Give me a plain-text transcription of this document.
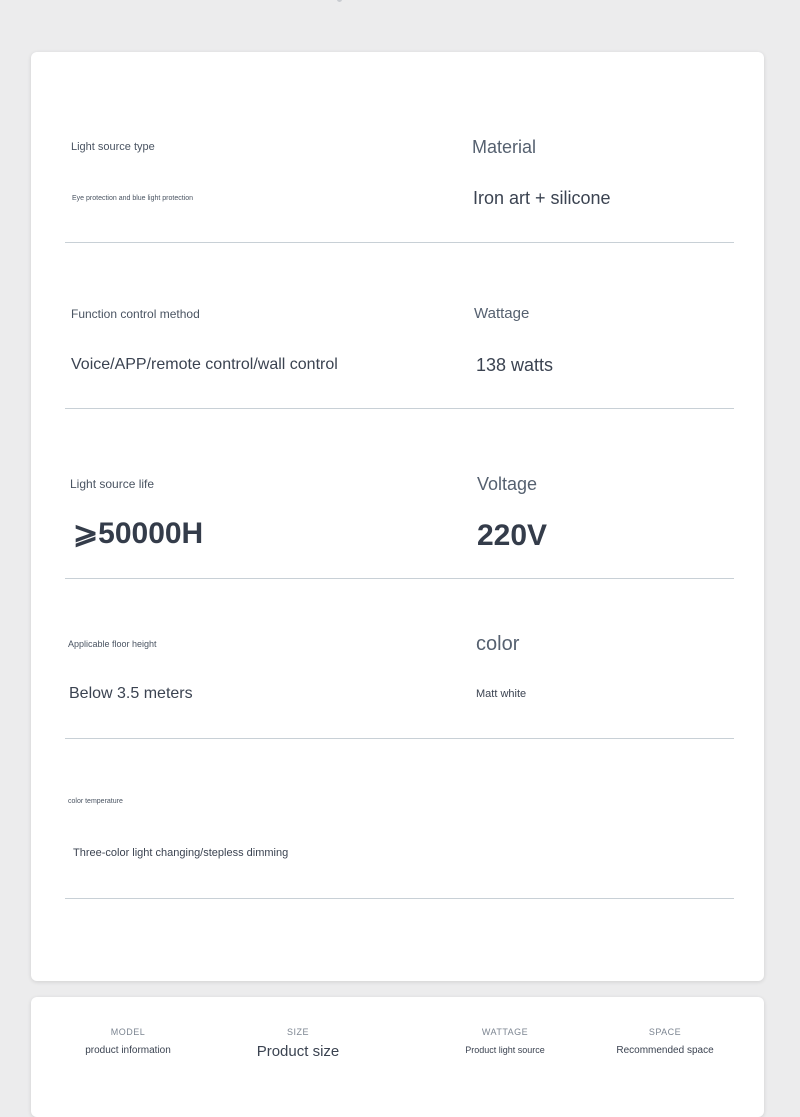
Light source type
Eye protection and blue light protection
Material
Iron art + silicone
Function control method
Voice/APP/remote control/wall control
Wattage
138 watts
Light source life
⩾50000H
Voltage
220V
Applicable floor height
Below 3.5 meters
color
Matt white
color temperature
Three-color light changing/stepless dimming
MODEL
product information
SIZE
Product size
WATTAGE
Product light source
SPACE
Recommended space
